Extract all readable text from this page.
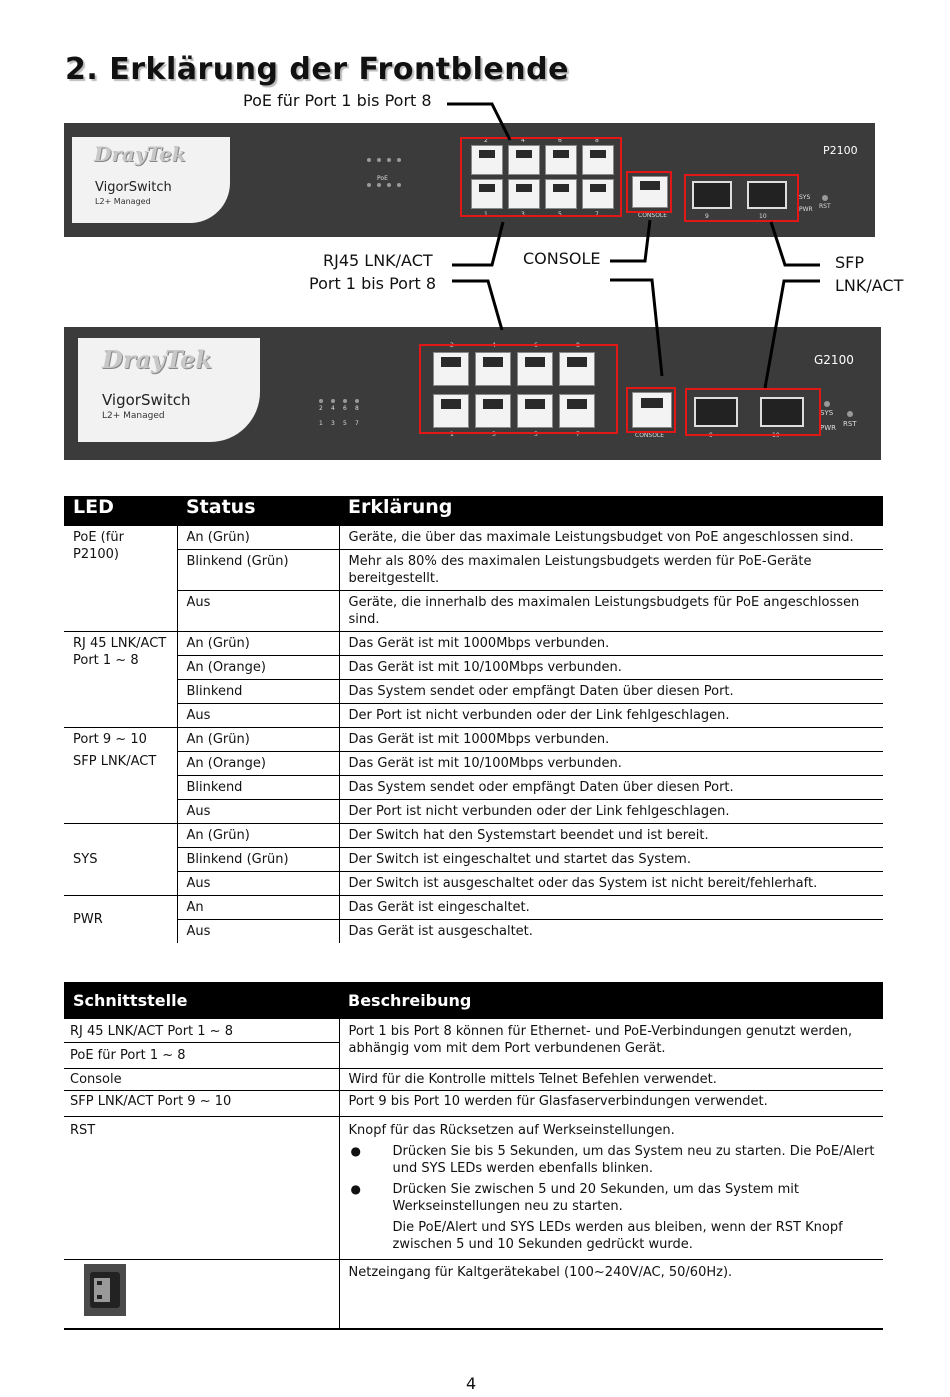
2. Erklärung der Frontblende
PoE für Port 1 bis Port 8
RJ45 LNK/ACT
Port 1 bis Port 8
CONSOLE	SFP
LNK/ACT
DrayTek
VigorSwitch
L2+ Managed
PoE
2	4	6	8
1	3	5	7	CONSOLE	9	10
P2100
SYS
PWR RST
DrayTek
VigorSwitch
L2+ Managed
2 4 6 8
1 3 5 7
2	4	6	8
1	3	5	7	CONSOLE	9	10
G2100
SYS
PWR RST
LED	Status	Erklärung
PoE (für P2100)	An (Grün)	Geräte, die über das maximale Leistungsbudget von PoE angeschlossen sind.
	Blinkend (Grün)	Mehr als 80% des maximalen Leistungsbudgets werden für PoE-Geräte bereitgestellt.
	Aus	Geräte, die innerhalb des maximalen Leistungsbudgets für PoE angeschlossen sind.
RJ 45 LNK/ACT Port 1 ~ 8	An (Grün)	Das Gerät ist mit 1000Mbps verbunden.
	An (Orange)	Das Gerät ist mit 10/100Mbps verbunden.
	Blinkend	Das System sendet oder empfängt Daten über diesen Port.
	Aus	Der Port ist nicht verbunden oder der Link fehlgeschlagen.

Port 9 ~ 10
SFP LNK/ACT	An (Grün)	Das Gerät ist mit 1000Mbps verbunden.
	An (Orange)	Das Gerät ist mit 10/100Mbps verbunden.
	Blinkend	Das System sendet oder empfängt Daten über diesen Port.
	Aus	Der Port ist nicht verbunden oder der Link fehlgeschlagen.
SYS	An (Grün)	Der Switch hat den Systemstart beendet und ist bereit.
	Blinkend (Grün)	Der Switch ist eingeschaltet und startet das System.
	Aus	Der Switch ist ausgeschaltet oder das System ist nicht bereit/fehlerhaft.
PWR	An	Das Gerät ist eingeschaltet.
	Aus	Das Gerät ist ausgeschaltet.
Schnittstelle	Beschreibung
RJ 45 LNK/ACT Port 1 ~ 8	Port 1 bis Port 8 können für Ethernet- und PoE-Verbindungen genutzt werden, abhängig vom mit dem Port verbundenen Gerät.
PoE für Port 1 ~ 8	
Console	Wird für die Kontrolle mittels Telnet Befehlen verwendet.
SFP LNK/ACT Port 9 ~ 10	Port 9 bis Port 10 werden für Glasfaserverbindungen verwendet.
RST	Knopf für das Rücksetzen auf Werkseinstellungen.
●
Drücken Sie bis 5 Sekunden, um das System neu zu starten. Die PoE/Alert und SYS LEDs werden ebenfalls blinken.
●
Drücken Sie zwischen 5 und 20 Sekunden, um das System mit Werkseinstellungen neu zu starten.
Die PoE/Alert und SYS LEDs werden aus bleiben, wenn der RST Knopf zwischen 5 und 10 Sekunden gedrückt wurde.

	Netzeingang für Kaltgerätekabel (100~240V/AC, 50/60Hz).
4
